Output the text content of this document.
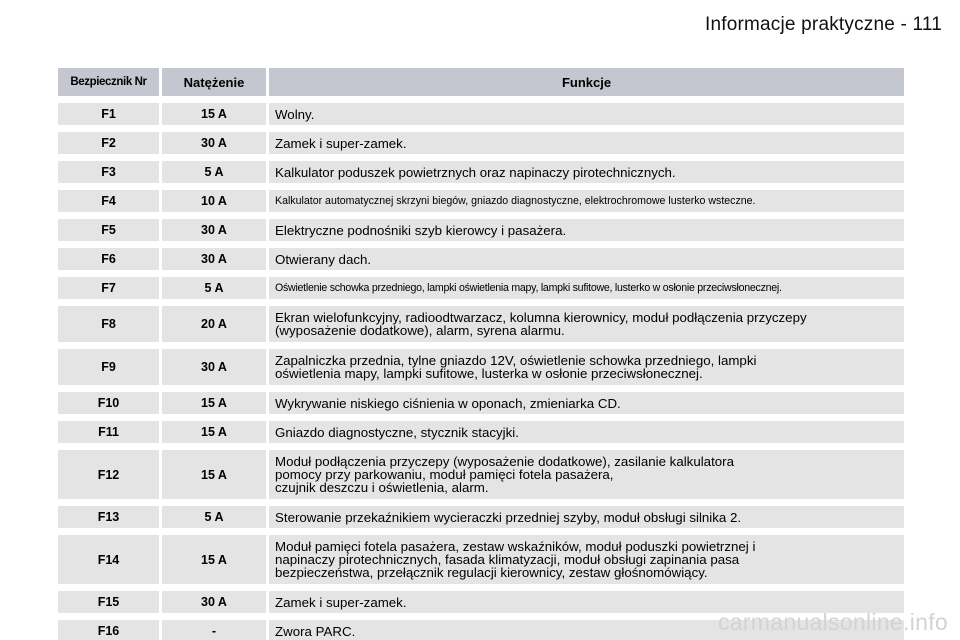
Informacje praktyczne - 111
Bezpiecznik Nr	Natężenie	Funkcje
F1	15 A	Wolny.
F2	30 A	Zamek i super-zamek.
F3	5 A	Kalkulator poduszek powietrznych oraz napinaczy pirotechnicznych.
F4	10 A	Kalkulator automatycznej skrzyni biegów, gniazdo diagnostyczne, elektrochromowe lusterko wsteczne.
F5	30 A	Elektryczne podnośniki szyb kierowcy i pasażera.
F6	30 A	Otwierany dach.
F7	5 A	Oświetlenie schowka przedniego, lampki oświetlenia mapy, lampki sufitowe, lusterko w osłonie przeciwsłonecznej.
F8	20 A	Ekran wielofunkcyjny, radioodtwarzacz, kolumna kierownicy, moduł podłączenia przyczepy
(wyposażenie dodatkowe), alarm, syrena alarmu.
F9	30 A	Zapalniczka przednia, tylne gniazdo 12V, oświetlenie schowka przedniego, lampki
oświetlenia mapy, lampki sufitowe, lusterka w osłonie przeciwsłonecznej.
F10	15 A	Wykrywanie niskiego ciśnienia w oponach, zmieniarka CD.
F11	15 A	Gniazdo diagnostyczne, stycznik stacyjki.
F12	15 A
Moduł podłączenia przyczepy (wyposażenie dodatkowe), zasilanie kalkulatora
pomocy przy parkowaniu, moduł pamięci fotela pasażera,
czujnik deszczu i oświetlenia, alarm.
F13	5 A	Sterowanie przekaźnikiem wycieraczki przedniej szyby, moduł obsługi silnika 2.
F14	15 A
Moduł pamięci fotela pasażera, zestaw wskaźników, moduł poduszki powietrznej i
napinaczy pirotechnicznych, fasada klimatyzacji, moduł obsługi zapinania pasa
bezpieczeństwa, przełącznik regulacji kierownicy, zestaw głośnomówiący.
F15	30 A	Zamek i super-zamek.
F16	-	Zwora PARC.	carmanualsonline.info
